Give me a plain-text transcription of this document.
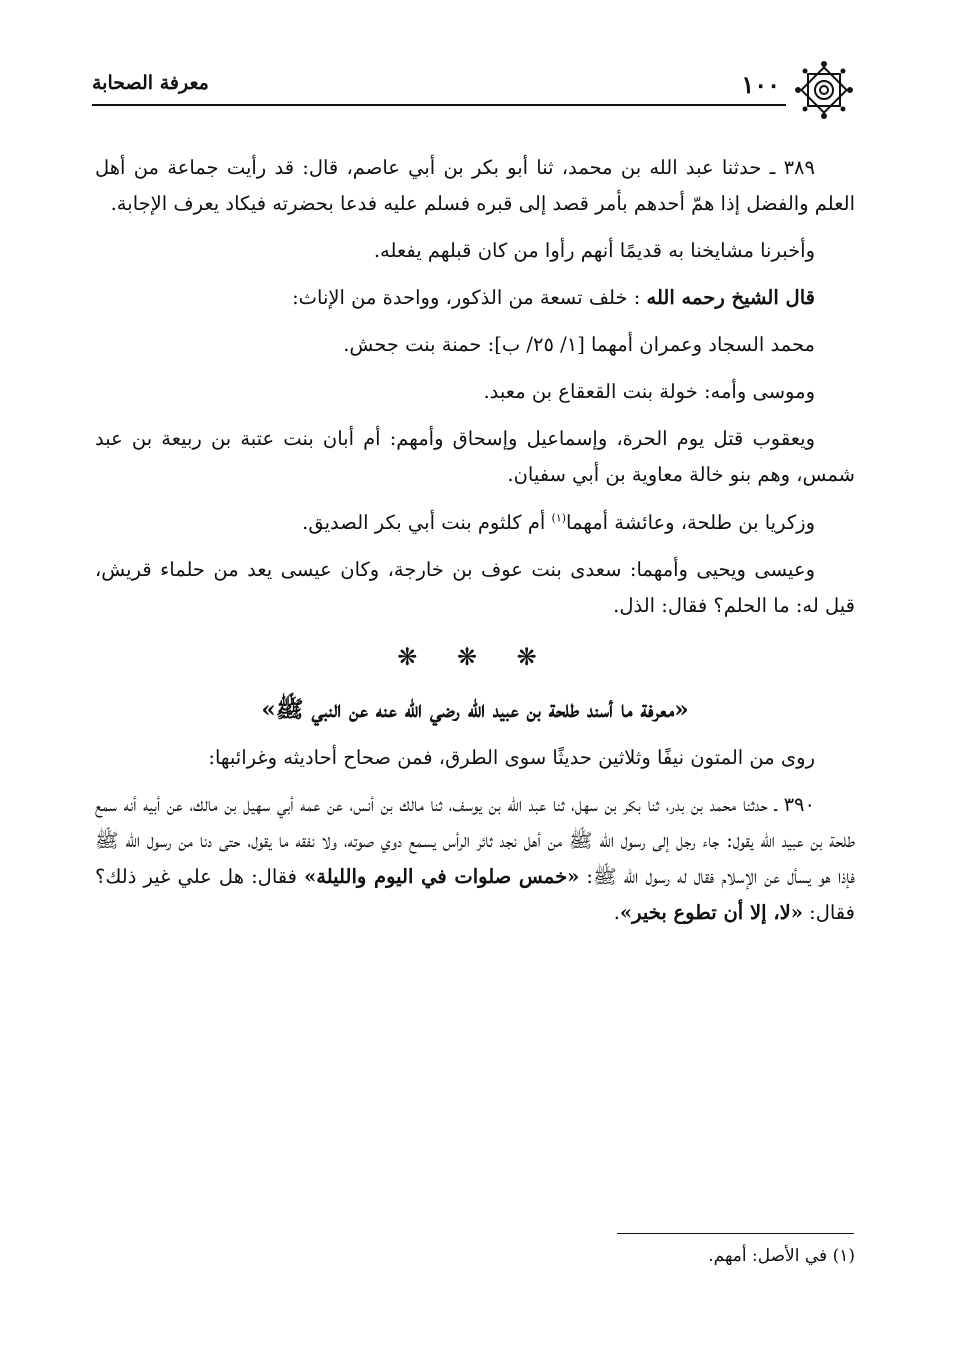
١٠٠
معرفة الصحابة

٣٨٩ ـ حدثنا عبد الله بن محمد، ثنا أبو بكر بن أبي عاصم، قال: قد رأيت جماعة من أهل العلم والفضل إذا همّ أحدهم بأمر قصد إلى قبره فسلم عليه فدعا بحضرته فيكاد يعرف الإجابة.

وأخبرنا مشايخنا به قديمًا أنهم رأوا من كان قبلهم يفعله.

قال الشيخ رحمه الله : خلف تسعة من الذكور، وواحدة من الإناث:

محمد السجاد وعمران أمهما [١/ ٢٥/ ب]: حمنة بنت جحش.

وموسى وأمه: خولة بنت القعقاع بن معبد.

ويعقوب قتل يوم الحرة، وإسماعيل وإسحاق وأمهم: أم أبان بنت عتبة بن ربيعة بن عبد شمس، وهم بنو خالة معاوية بن أبي سفيان.

وزكريا بن طلحة، وعائشة أمهما$^{(١)}$ أم كلثوم بنت أبي بكر الصديق.

وعيسى ويحيى وأمهما: سعدى بنت عوف بن خارجة، وكان عيسى يعد من حلماء قريش، قيل له: ما الحلم؟ فقال: الذل.

❋ ❋ ❋
«معرفة ما أسند طلحة بن عبيد الله رضي الله عنه عن النبي ﷺ»

روى من المتون نيفًا وثلاثين حديثًا سوى الطرق، فمن صحاح أحاديثه وغرائبها:

٣٩٠ ـ حدثنا محمد بن بدر، ثنا بكر بن سهل، ثنا عبد الله بن يوسف، ثنا مالك بن أنس، عن عمه أبي سهيل بن مالك، عن أبيه أنه سمع طلحة بن عبيد الله يقول: جاء رجل إلى رسول الله ﷺ من أهل نجد ثائر الرأس يسمع دوي صوته، ولا نفقه ما يقول، حتى دنا من رسول الله ﷺ فإذا هو يسأل عن الإسلام فقال له رسول الله ﷺ: «خمس صلوات في اليوم والليلة» فقال: هل علي غير ذلك؟ فقال: «لا، إلا أن تطوع بخير».

(١) في الأصل: أمهم.
